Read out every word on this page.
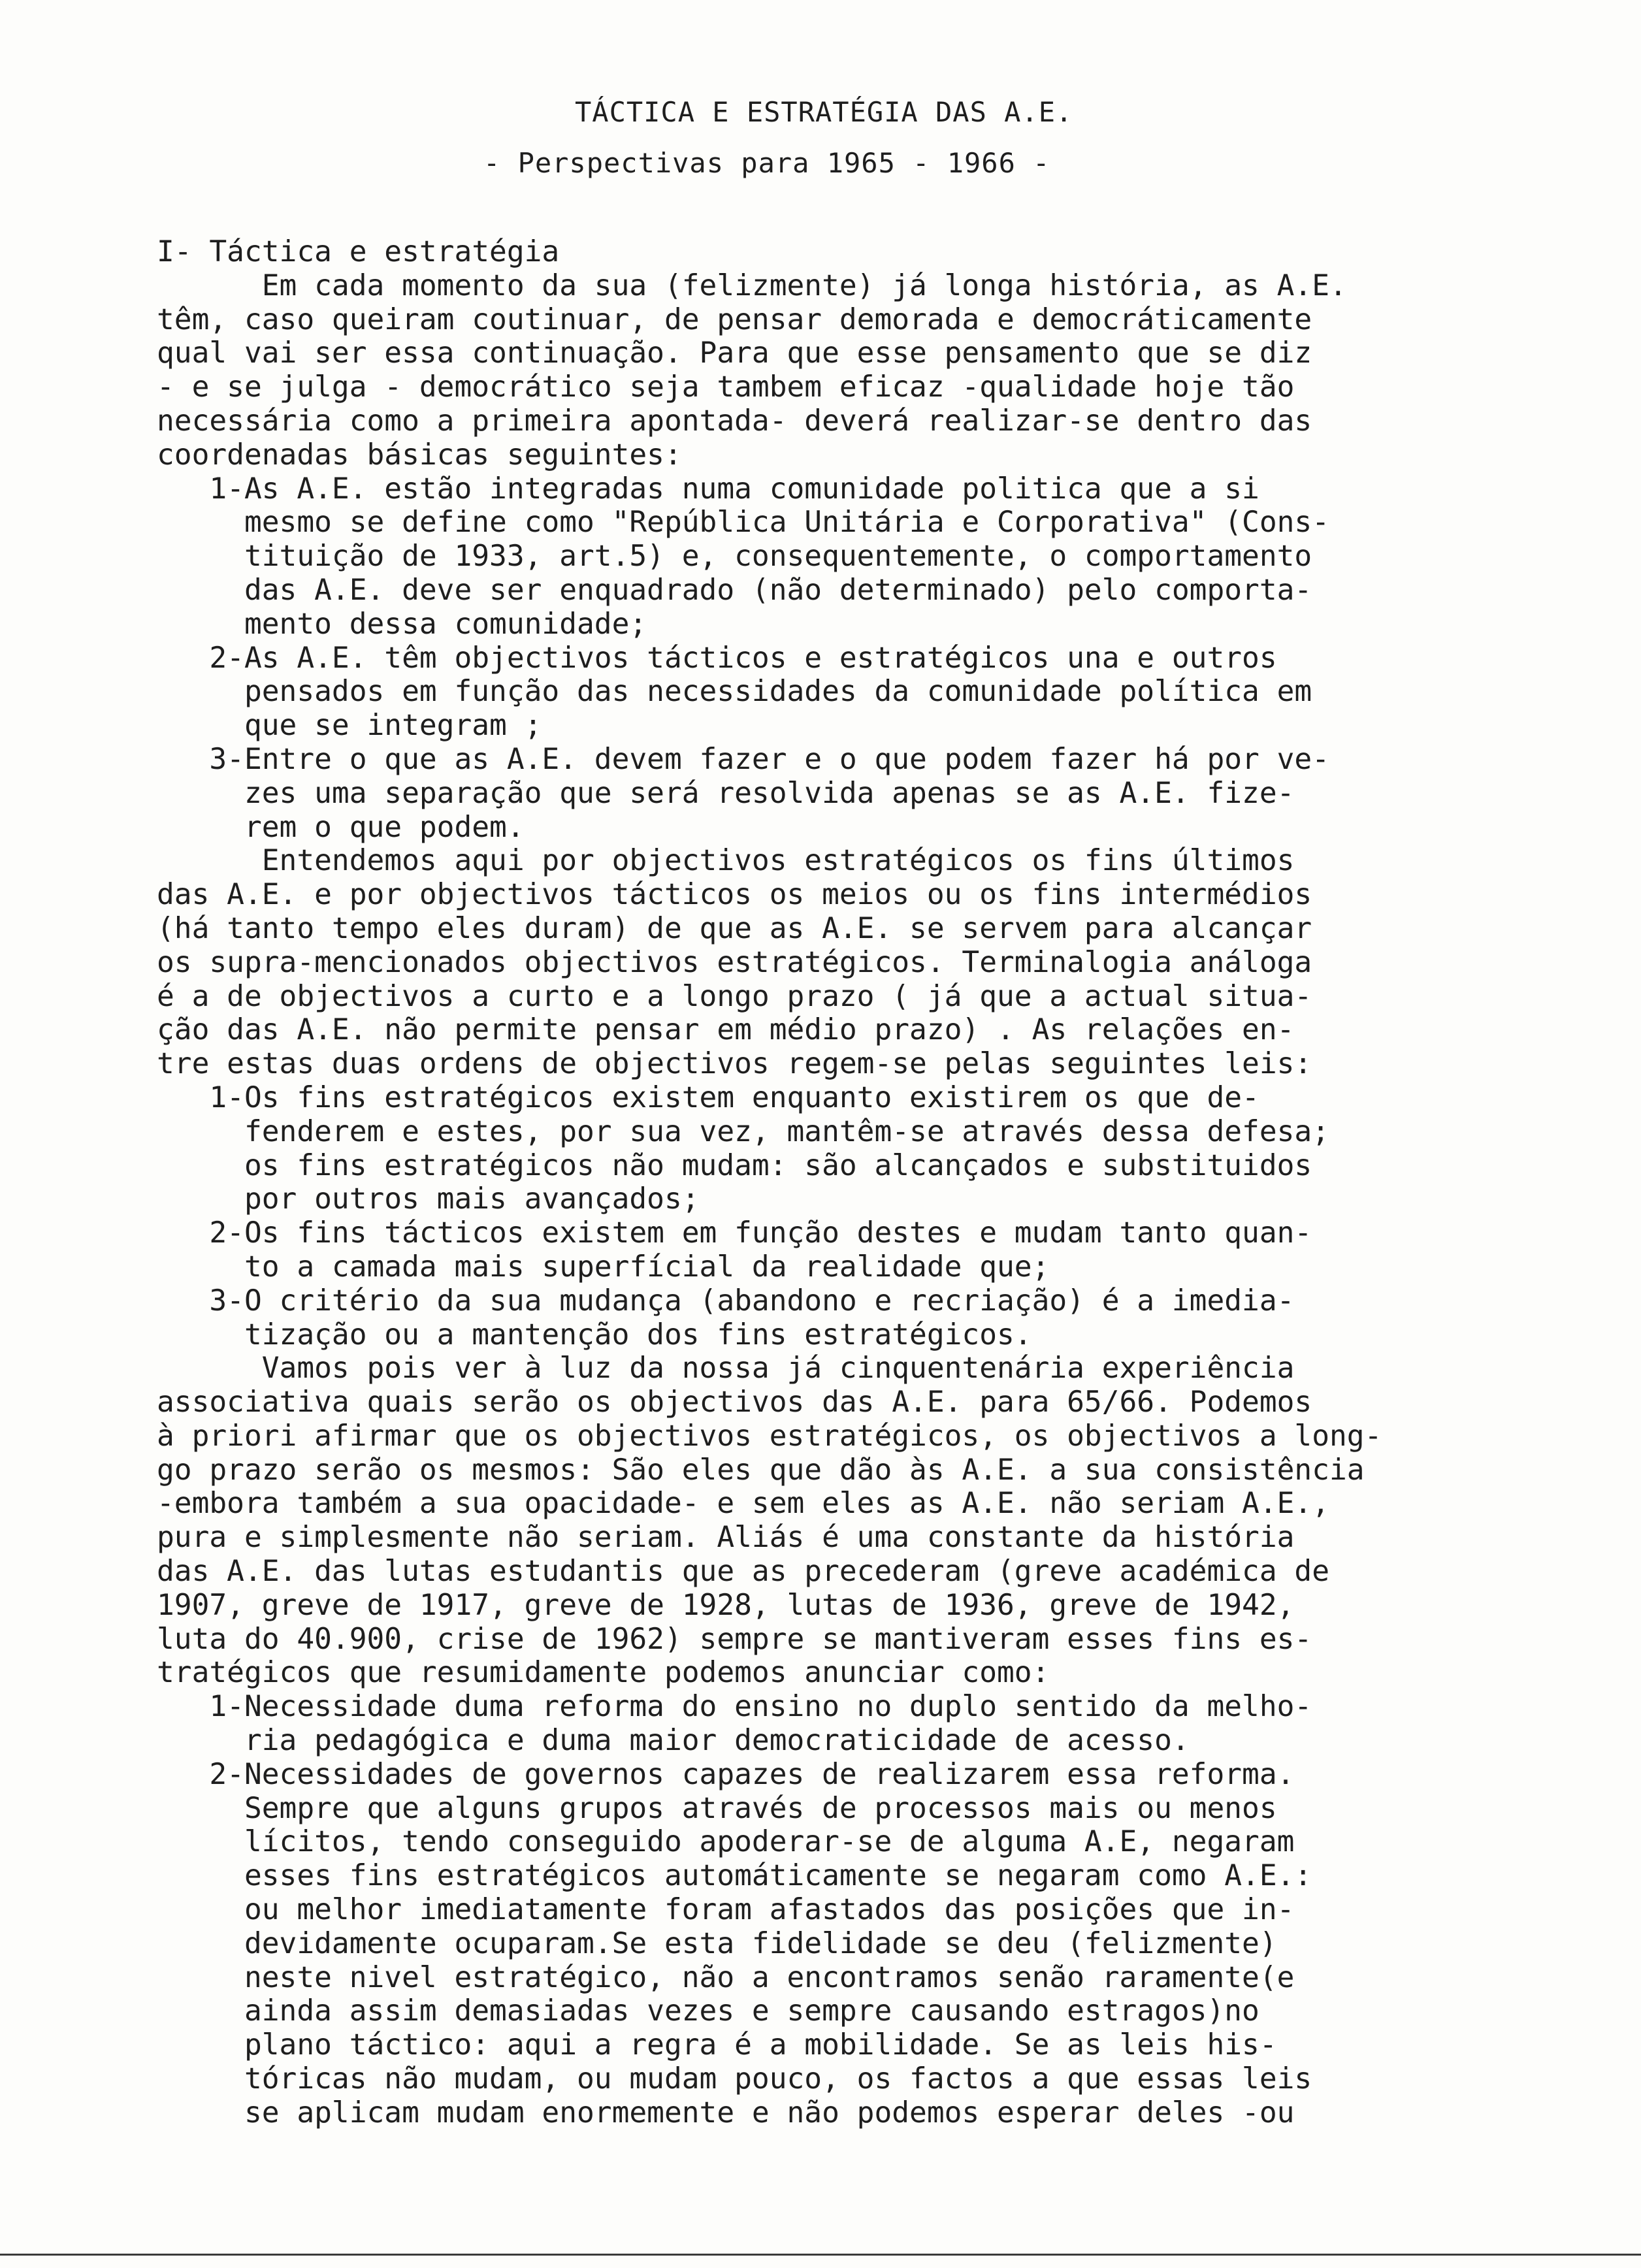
TÁCTICA E ESTRATÉGIA DAS A.E.
- Perspectivas para 1965 - 1966 -
I- Táctica e estratégia
Em cada momento da sua (felizmente) já longa história, as A.E.
têm, caso queiram coutinuar, de pensar demorada e democráticamente
qual vai ser essa continuação. Para que esse pensamento que se diz
- e se julga - democrático seja tambem eficaz -qualidade hoje tão
necessária como a primeira apontada- deverá realizar-se dentro das
coordenadas básicas seguintes:
1-As A.E. estão integradas numa comunidade politica que a si
mesmo se define como "República Unitária e Corporativa" (Cons-
tituição de 1933, art.5) e, consequentemente, o comportamento
das A.E. deve ser enquadrado (não determinado) pelo comporta-
mento dessa comunidade;
2-As A.E. têm objectivos tácticos e estratégicos una e outros
pensados em função das necessidades da comunidade política em
que se integram ;
3-Entre o que as A.E. devem fazer e o que podem fazer há por ve-
zes uma separação que será resolvida apenas se as A.E. fize-
rem o que podem.
Entendemos aqui por objectivos estratégicos os fins últimos
das A.E. e por objectivos tácticos os meios ou os fins intermédios
(há tanto tempo eles duram) de que as A.E. se servem para alcançar
os supra-mencionados objectivos estratégicos. Terminalogia análoga
é a de objectivos a curto e a longo prazo ( já que a actual situa-
ção das A.E. não permite pensar em médio prazo) . As relações en-
tre estas duas ordens de objectivos regem-se pelas seguintes leis:
1-Os fins estratégicos existem enquanto existirem os que de-
fenderem e estes, por sua vez, mantêm-se através dessa defesa;
os fins estratégicos não mudam: são alcançados e substituidos
por outros mais avançados;
2-Os fins tácticos existem em função destes e mudam tanto quan-
to a camada mais superfícial da realidade que;
3-O critério da sua mudança (abandono e recriação) é a imedia-
tização ou a mantenção dos fins estratégicos.
Vamos pois ver à luz da nossa já cinquentenária experiência
associativa quais serão os objectivos das A.E. para 65/66. Podemos
à priori afirmar que os objectivos estratégicos, os objectivos a long-
go prazo serão os mesmos: São eles que dão às A.E. a sua consistência
-embora também a sua opacidade- e sem eles as A.E. não seriam A.E.,
pura e simplesmente não seriam. Aliás é uma constante da história
das A.E. das lutas estudantis que as precederam (greve académica de
1907, greve de 1917, greve de 1928, lutas de 1936, greve de 1942,
luta do 40.900, crise de 1962) sempre se mantiveram esses fins es-
tratégicos que resumidamente podemos anunciar como:
1-Necessidade duma reforma do ensino no duplo sentido da melho-
ria pedagógica e duma maior democraticidade de acesso.
2-Necessidades de governos capazes de realizarem essa reforma.
Sempre que alguns grupos através de processos mais ou menos
lícitos, tendo conseguido apoderar-se de alguma A.E, negaram
esses fins estratégicos automáticamente se negaram como A.E.:
ou melhor imediatamente foram afastados das posições que in-
devidamente ocuparam.Se esta fidelidade se deu (felizmente)
neste nivel estratégico, não a encontramos senão raramente(e
ainda assim demasiadas vezes e sempre causando estragos)no
plano táctico: aqui a regra é a mobilidade. Se as leis his-
tóricas não mudam, ou mudam pouco, os factos a que essas leis
se aplicam mudam enormemente e não podemos esperar deles -ou
